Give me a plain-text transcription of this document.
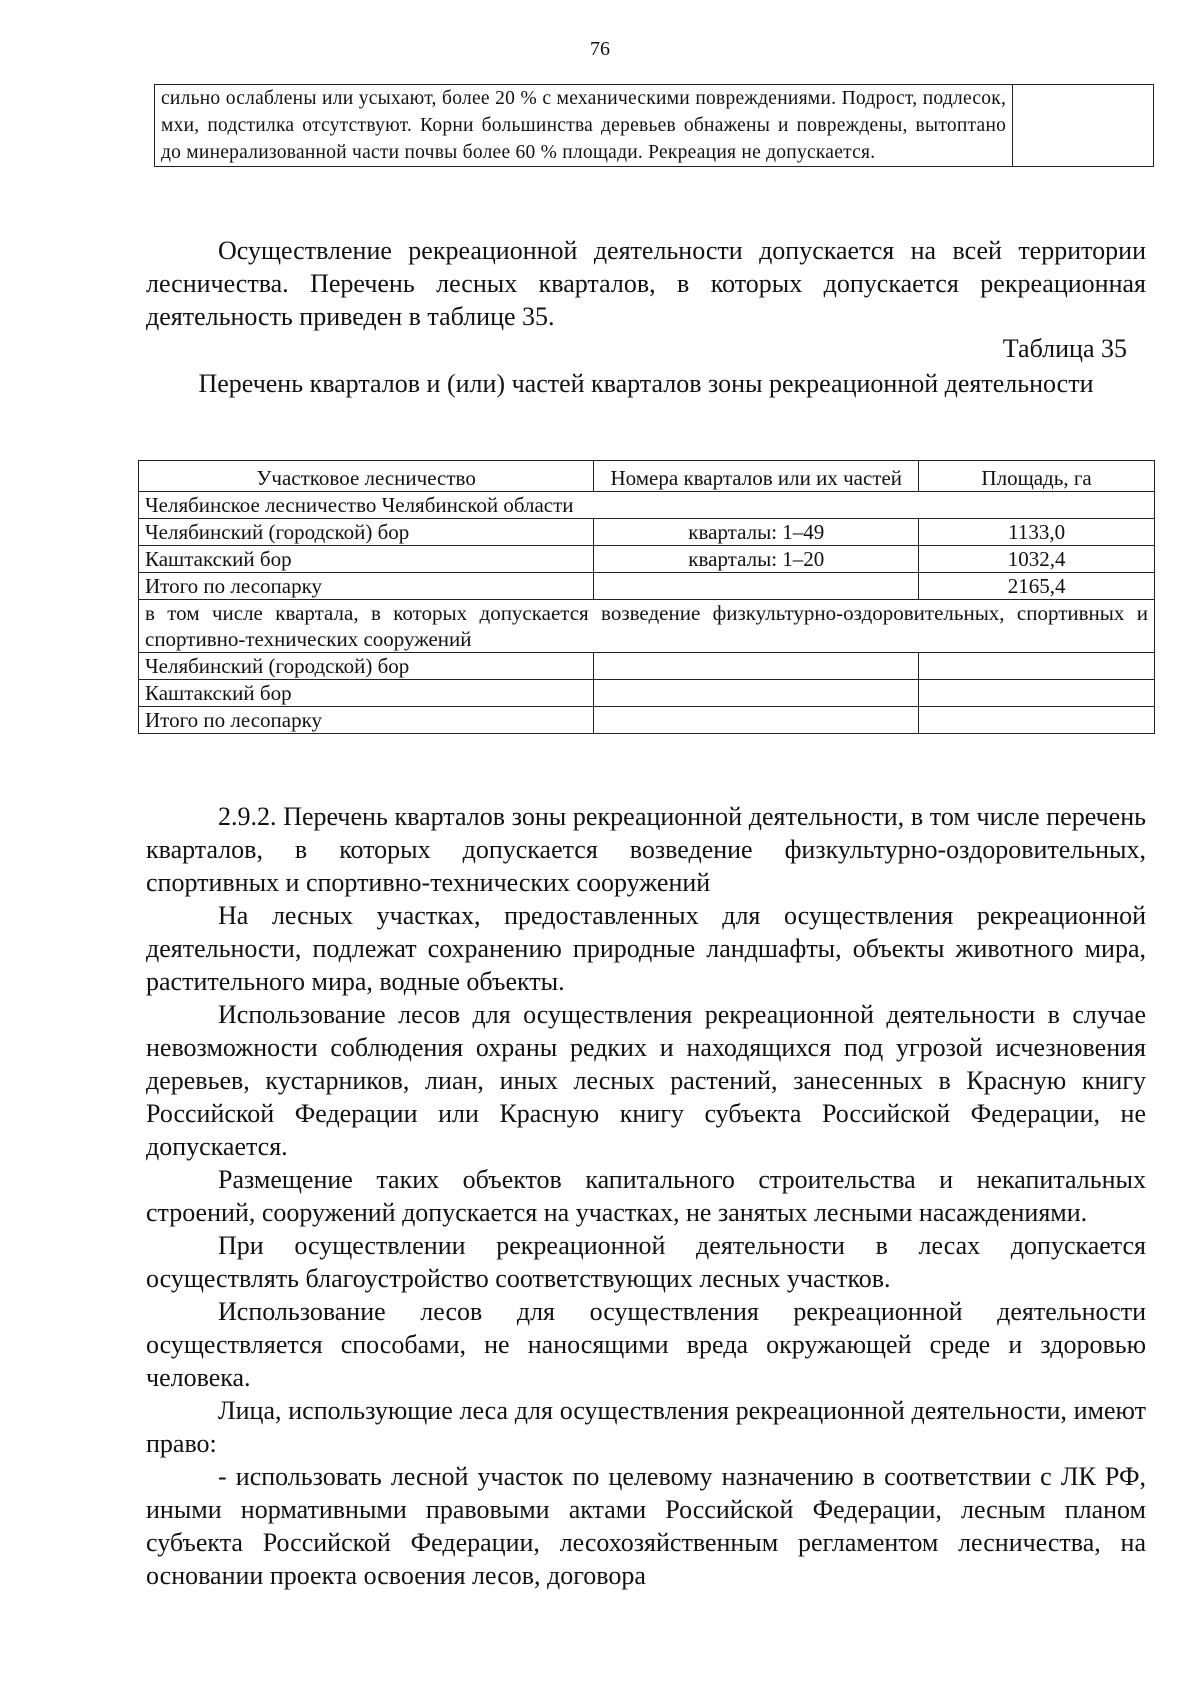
76
сильно ослаблены или усыхают, более 20 % с механическими повреждениями. Подрост, подлесок, мхи, подстилка отсутствуют. Корни большинства деревьев обнажены и повреждены, вытоптано до минерализованной части почвы более 60 % площади. Рекреация не допускается.	
Осуществление рекреационной деятельности допускается на всей территории лесничества. Перечень лесных кварталов, в которых допускается рекреационная деятельность приведен в таблице 35.
Таблица 35
Перечень кварталов и (или) частей кварталов зоны рекреационной деятельности
Участковое лесничество	Номера кварталов или их частей	Площадь, га
Челябинское лесничество Челябинской области		
Челябинский (городской) бор	кварталы: 1–49	1133,0
Каштакский бор	кварталы: 1–20	1032,4
Итого по лесопарку		2165,4
в том числе квартала, в которых допускается возведение физкультурно-оздоровительных, спортивных и спортивно-технических сооружений		
Челябинский (городской) бор		
Каштакский бор		
Итого по лесопарку		

2.9.2. Перечень кварталов зоны рекреационной деятельности, в том числе перечень кварталов, в которых допускается возведение физкультурно-оздоровительных, спортивных и спортивно-технических сооружений

На лесных участках, предоставленных для осуществления рекреационной деятельности, подлежат сохранению природные ландшафты, объекты животного мира, растительного мира, водные объекты.

Использование лесов для осуществления рекреационной деятельности в случае невозможности соблюдения охраны редких и находящихся под угрозой исчезновения деревьев, кустарников, лиан, иных лесных растений, занесенных в Красную книгу Российской Федерации или Красную книгу субъекта Российской Федерации, не допускается.

Размещение таких объектов капитального строительства и некапитальных строений, сооружений допускается на участках, не занятых лесными насаждениями.

При осуществлении рекреационной деятельности в лесах допускается осуществлять благоустройство соответствующих лесных участков.

Использование лесов для осуществления рекреационной деятельности осуществляется способами, не наносящими вреда окружающей среде и здоровью человека.

Лица, использующие леса для осуществления рекреационной деятельности, имеют право:

- использовать лесной участок по целевому назначению в соответствии с ЛК РФ, иными нормативными правовыми актами Российской Федерации, лесным планом субъекта Российской Федерации, лесохозяйственным регламентом лесничества, на основании проекта освоения лесов, договора
